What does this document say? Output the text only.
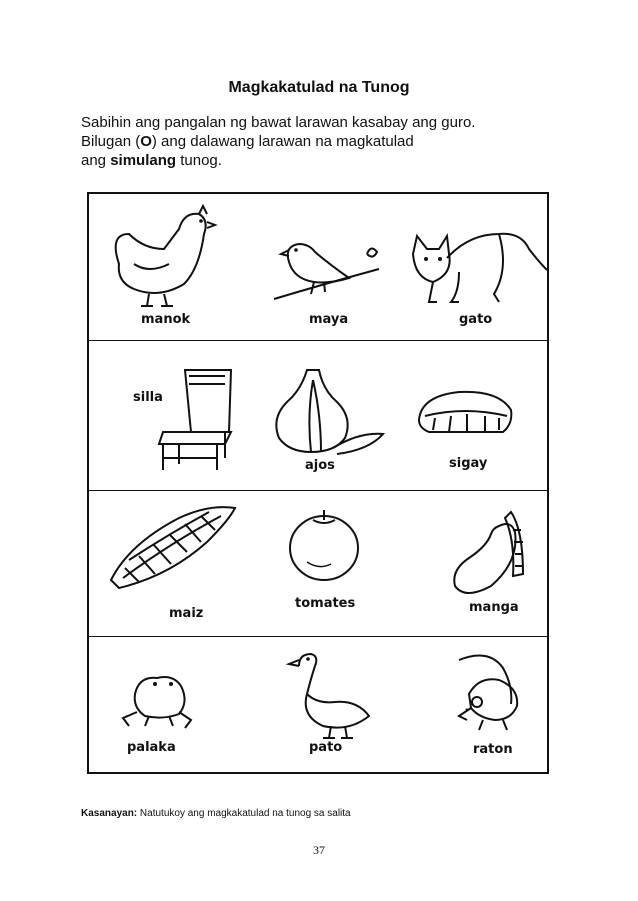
Magkakatulad na Tunog

Sabihin ang pangalan ng bawat larawan kasabay ang guro.

Bilugan (O) ang dalawang larawan na magkatulad

ang simulang tunog.

manok	maya	gato
silla
ajos	sigay
maiz
tomates	manga
palaka	pato	raton
Kasanayan: Natutukoy ang magkakatulad na tunog sa salita
37
